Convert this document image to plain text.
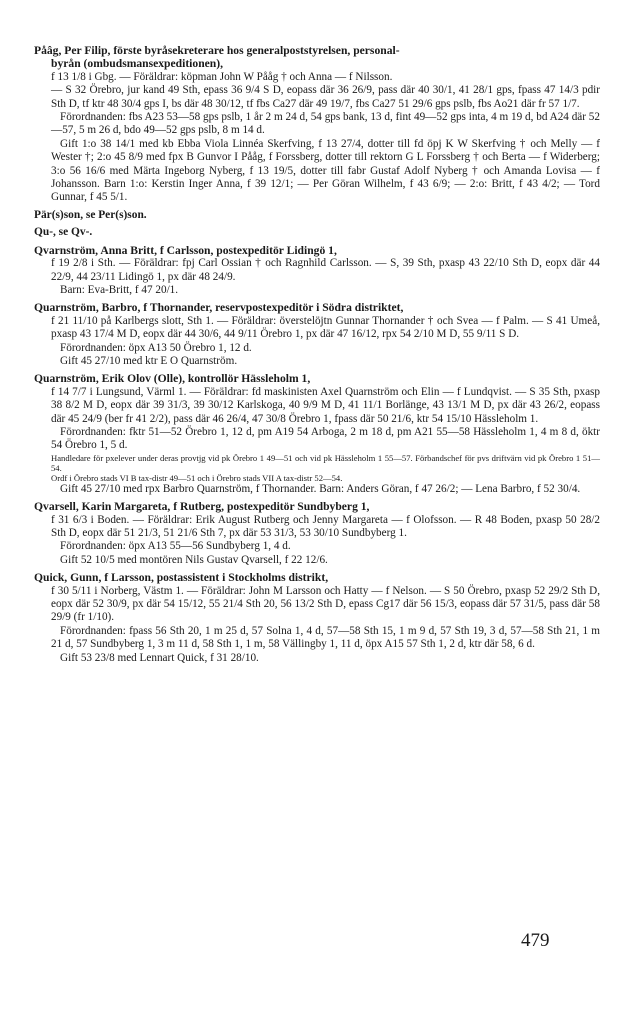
Påâg, Per Filip, förste byråsekreterare hos generalpoststyrelsen, personal-
byrån (ombudsmansexpeditionen),

f 13 1/8 i Gbg. — Föräldrar: köpman John W Pååg † och Anna — f Nilsson.

— S 32 Örebro, jur kand 49 Sth, epass 36 9/4 S D, eopass där 36 26/9, pass där 40 30/1, 41 28/1 gps, fpass 47 14/3 pdir Sth D, tf ktr 48 30/4 gps I, bs där 48 30/12, tf fbs Ca27 där 49 19/7, fbs Ca27 51 29/6 gps pslb, fbs Ao21 där fr 57 1/7.

Förordnanden: fbs A23 53—58 gps pslb, 1 år 2 m 24 d, 54 gps bank, 13 d, fint 49—52 gps inta, 4 m 19 d, bd A24 där 52—57, 5 m 26 d, bdo 49—52 gps pslb, 8 m 14 d.

Gift 1:o 38 14/1 med kb Ebba Viola Linnéa Skerfving, f 13 27/4, dotter till fd öpj K W Skerfving † och Melly — f Wester †; 2:o 45 8/9 med fpx B Gunvor I Pååg, f Forssberg, dotter till rektorn G L Forssberg † och Berta — f Widerberg; 3:o 56 16/6 med Märta Ingeborg Nyberg, f 13 19/5, dotter till fabr Gustaf Adolf Nyberg † och Amanda Lovisa — f Johansson. Barn 1:o: Kerstin Inger Anna, f 39 12/1; — Per Göran Wilhelm, f 43 6/9; — 2:o: Britt, f 43 4/2; — Tord Gunnar, f 45 5/1.

Pär(s)son, se Per(s)son.

Qu-, se Qv-.

Qvarnström, Anna Britt, f Carlsson, postexpeditör Lidingö 1,

f 19 2/8 i Sth. — Föräldrar: fpj Carl Ossian † och Ragnhild Carlsson. — S, 39 Sth, pxasp 43 22/10 Sth D, eopx där 44 22/9, 44 23/11 Lidingö 1, px där 48 24/9.

Barn: Eva-Britt, f 47 20/1.

Quarnström, Barbro, f Thornander, reservpostexpeditör i Södra distriktet,

f 21 11/10 på Karlbergs slott, Sth 1. — Föräldrar: överstelöjtn Gunnar Thornander † och Svea — f Palm. — S 41 Umeå, pxasp 43 17/4 M D, eopx där 44 30/6, 44 9/11 Örebro 1, px där 47 16/12, rpx 54 2/10 M D, 55 9/11 S D.

Förordnanden: öpx A13 50 Örebro 1, 12 d.

Gift 45 27/10 med ktr E O Quarnström.

Quarnström, Erik Olov (Olle), kontrollör Hässleholm 1,

f 14 7/7 i Lungsund, Värml 1. — Föräldrar: fd maskinisten Axel Quarnström och Elin — f Lundqvist. — S 35 Sth, pxasp 38 8/2 M D, eopx där 39 31/3, 39 30/12 Karlskoga, 40 9/9 M D, 41 11/1 Borlänge, 43 13/1 M D, px där 43 26/2, eopass där 45 24/9 (ber fr 41 2/2), pass där 46 26/4, 47 30/8 Örebro 1, fpass där 50 21/6, ktr 54 15/10 Hässleholm 1.

Förordnanden: fktr 51—52 Örebro 1, 12 d, pm A19 54 Arboga, 2 m 18 d, pm A21 55—58 Hässleholm 1, 4 m 8 d, öktr 54 Örebro 1, 5 d.

Handledare för pxelever under deras provtjg vid pk Örebro 1 49—51 och vid pk Hässleholm 1 55—57. Förbandschef för pvs driftvärn vid pk Örebro 1 51—54.

Ordf i Örebro stads VI B tax-distr 49—51 och i Örebro stads VII A tax-distr 52—54.

Gift 45 27/10 med rpx Barbro Quarnström, f Thornander. Barn: Anders Göran, f 47 26/2; — Lena Barbro, f 52 30/4.

Qvarsell, Karin Margareta, f Rutberg, postexpeditör Sundbyberg 1,

f 31 6/3 i Boden. — Föräldrar: Erik August Rutberg och Jenny Margareta — f Olofsson. — R 48 Boden, pxasp 50 28/2 Sth D, eopx där 51 21/3, 51 21/6 Sth 7, px där 53 31/3, 53 30/10 Sundbyberg 1.

Förordnanden: öpx A13 55—56 Sundbyberg 1, 4 d.

Gift 52 10/5 med montören Nils Gustav Qvarsell, f 22 12/6.

Quick, Gunn, f Larsson, postassistent i Stockholms distrikt,

f 30 5/11 i Norberg, Västm 1. — Föräldrar: John M Larsson och Hatty — f Nelson. — S 50 Örebro, pxasp 52 29/2 Sth D, eopx där 52 30/9, px där 54 15/12, 55 21/4 Sth 20, 56 13/2 Sth D, epass Cg17 där 56 15/3, eopass där 57 31/5, pass där 58 29/9 (fr 1/10).

Förordnanden: fpass 56 Sth 20, 1 m 25 d, 57 Solna 1, 4 d, 57—58 Sth 15, 1 m 9 d, 57 Sth 19, 3 d, 57—58 Sth 21, 1 m 21 d, 57 Sundbyberg 1, 3 m 11 d, 58 Sth 1, 1 m, 58 Vällingby 1, 11 d, öpx A15 57 Sth 1, 2 d, ktr där 58, 6 d.

Gift 53 23/8 med Lennart Quick, f 31 28/10.

479
